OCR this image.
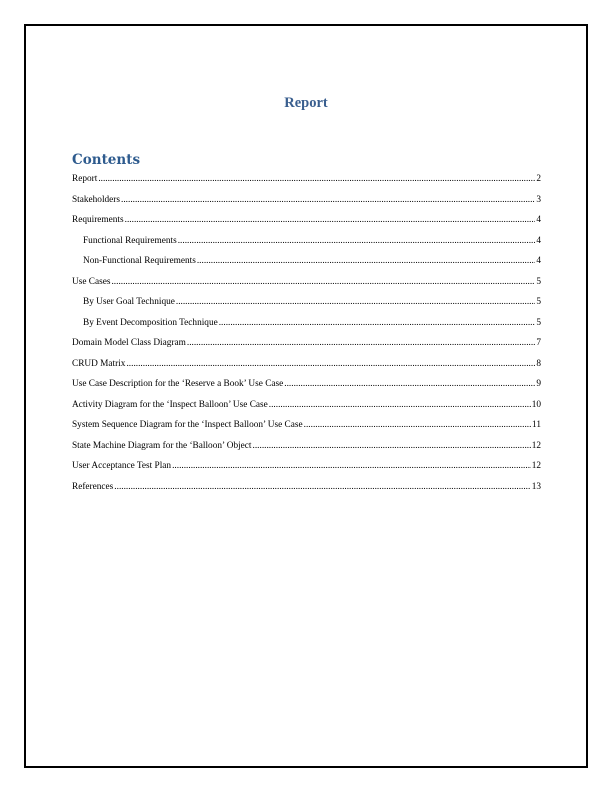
Report
Contents
Report .....	2
Stakeholders .....	3
Requirements .....	4
Functional Requirements .....	4
Non-Functional Requirements .....	4
Use Cases .....	5
By User Goal Technique .....	5
By Event Decomposition Technique .....	5
Domain Model Class Diagram .....	7
CRUD Matrix .....	8
Use Case Description for the ‘Reserve a Book’ Use Case .....	9
Activity Diagram for the ‘Inspect Balloon’ Use Case .....	10
System Sequence Diagram for the ‘Inspect Balloon’ Use Case .....	11
State Machine Diagram for the ‘Balloon’ Object .....	12
User Acceptance Test Plan .....	12
References .....	13
